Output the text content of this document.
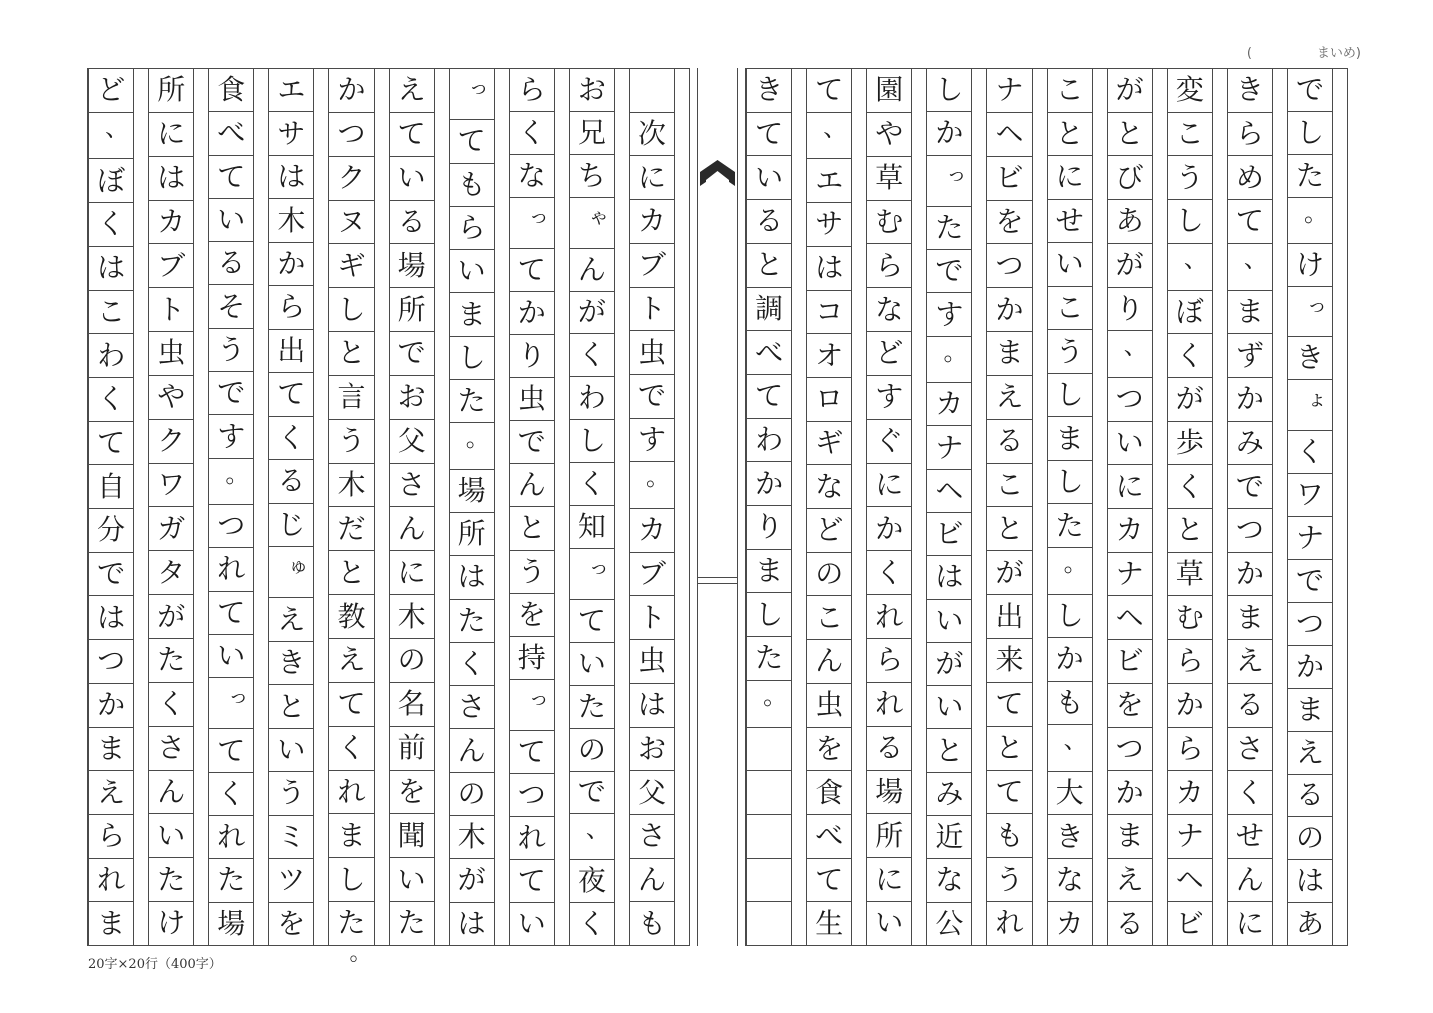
(　　　　　まいめ)
で
し
た
。
け
っ
き
ょ
く
ワ
ナ
で
つ
か
ま
え
る
の
は
あ
き
ら
め
て
、
ま
ず
か
み
で
つ
か
ま
え
る
さ
く
せ
ん
に
変
こ
う
し
、
ぼ
く
が
歩
く
と
草
む
ら
か
ら
カ
ナ
ヘ
ビ
が
と
び
あ
が
り
、
つ
い
に
カ
ナ
ヘ
ビ
を
つ
か
ま
え
る
こ
と
に
せ
い
こ
う
し
ま
し
た
。
し
か
も
、
大
き
な
カ
ナ
ヘ
ビ
を
つ
か
ま
え
る
こ
と
が
出
来
て
と
て
も
う
れ
し
か
っ
た
で
す
。
カ
ナ
ヘ
ビ
は
い
が
い
と
み
近
な
公
園
や
草
む
ら
な
ど
す
ぐ
に
か
く
れ
ら
れ
る
場
所
に
い
て
、
エ
サ
は
コ
オ
ロ
ギ
な
ど
の
こ
ん
虫
を
食
べ
て
生
き
て
い
る
と
調
べ
て
わ
か
り
ま
し
た
。

次
に
カ
ブ
ト
虫
で
す
。
カ
ブ
ト
虫
は
お
父
さ
ん
も
お
兄
ち
ゃ
ん
が
く
わ
し
く
知
っ
て
い
た
の
で
、
夜
く
ら
く
な
っ
て
か
り
虫
で
ん
と
う
を
持
っ
て
つ
れ
て
い
っ
て
も
ら
い
ま
し
た
。
場
所
は
た
く
さ
ん
の
木
が
は
え
て
い
る
場
所
で
お
父
さ
ん
に
木
の
名
前
を
聞
い
た
か
つ
ク
ヌ
ギ
し
と
言
う
木
だ
と
教
え
て
く
れ
ま
し
た
。
エ
サ
は
木
か
ら
出
て
く
る
じ
ゅ
え
き
と
い
う
ミ
ツ
を
食
べ
て
い
る
そ
う
で
す
。
つ
れ
て
い
っ
て
く
れ
た
場
所
に
は
カ
ブ
ト
虫
や
ク
ワ
ガ
タ
が
た
く
さ
ん
い
た
け
ど
、
ぼ
く
は
こ
わ
く
て
自
分
で
は
つ
か
ま
え
ら
れ
ま
20字×20行（400字）
